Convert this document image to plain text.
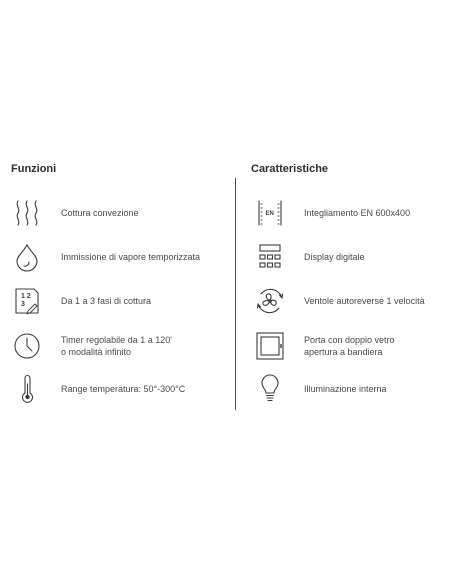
Funzioni
Cottura convezione
Immissione di vapore temporizzata
1 2
3	Da 1 a 3 fasi di cottura
Timer regolabile da 1 a 120'
o modalità infinito
Range temperatura: 50°-300°C
Caratteristiche
EN	Integliamento EN 600x400
Display digitale
Ventole autoreverse 1 velocità
Porta con doppio vetro
apertura a bandiera
Illuminazione interna
